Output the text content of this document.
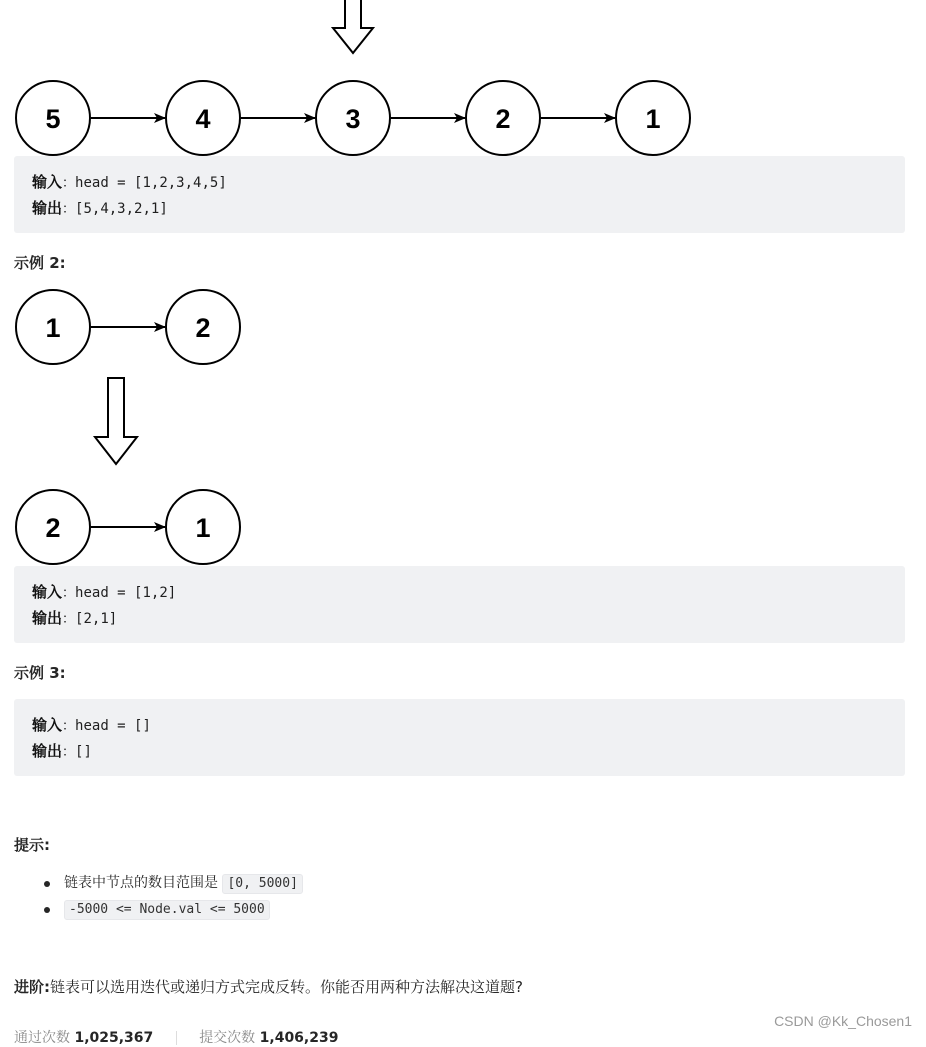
5	4	3	2	1
1	2
2	1
输入：head = [1,2,3,4,5]
输出：[5,4,3,2,1]
示例 2:
输入：head = [1,2]
输出：[2,1]
示例 3:
输入：head = []
输出：[]
提示:
链表中节点的数目范围是 [0, 5000]
-5000 <= Node.val <= 5000
进阶:链表可以选用迭代或递归方式完成反转。你能否用两种方法解决这道题?
CSDN @Kk_Chosen1
通过次数 1,025,367	提交次数 1,406,239
